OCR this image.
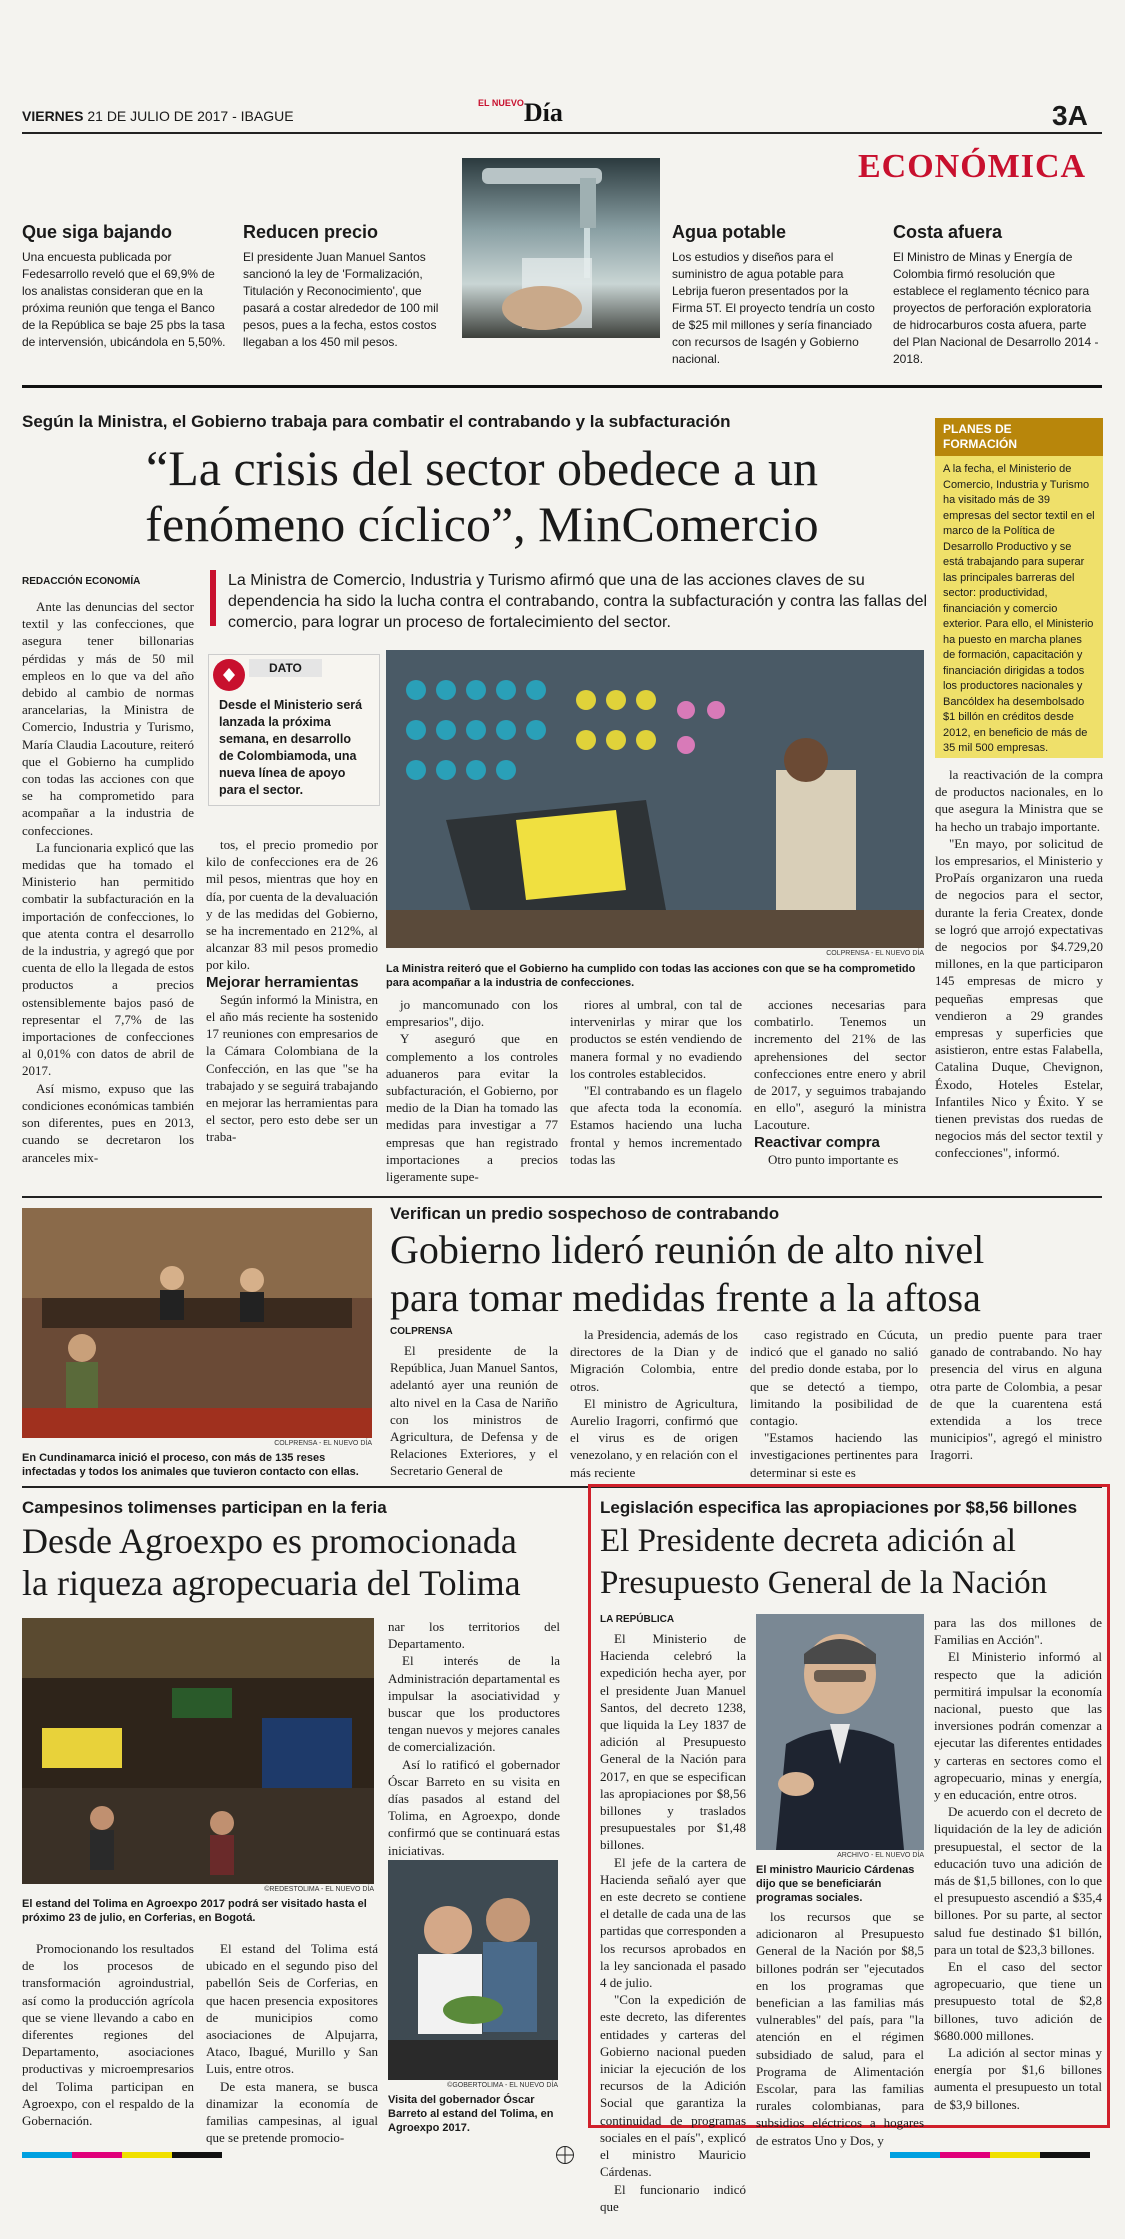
VIERNES 21 DE JULIO DE 2017 - IBAGUE
$^{EL NUEVO}$Día	3A
ECONÓMICA
Que siga bajando
Una encuesta publicada por Fedesarrollo reveló que el 69,9% de los analistas consideran que en la próxima reunión que tenga el Banco de la República se baje 25 pbs la tasa de intervensión, ubicándola en 5,50%.
Reducen precio
El presidente Juan Manuel Santos sancionó la ley de 'Formalización, Titulación y Reconocimiento', que pasará a costar alrededor de 100 mil pesos, pues a la fecha, estos costos llegaban a los 450 mil pesos.
Agua potable
Los estudios y diseños para el suministro de agua potable para Lebrija fueron presentados por la Firma 5T. El proyecto tendría un costo de $25 mil millones y sería financiado con recursos de Isagén y Gobierno nacional.
Costa afuera
El Ministro de Minas y Energía de Colombia firmó resolución que establece el reglamento técnico para proyectos de perforación exploratoria de hidrocarburos costa afuera, parte del Plan Nacional de Desarrollo 2014 - 2018.
Según la Ministra, el Gobierno trabaja para combatir el contrabando y la subfacturación
“La crisis del sector obedece a un
fenómeno cíclico”, MinComercio
REDACCIÓN ECONOMÍA	La Ministra de Comercio, Industria y Turismo afirmó que una de las acciones claves de su dependencia ha sido la lucha contra el contrabando, contra la subfacturación y contra las fallas del comercio, para lograr un proceso de fortalecimiento del sector.
DATO
Desde el Ministerio será lanzada la próxima semana, en desarrollo de Colombiamoda, una nueva línea de apoyo para el sector.
COLPRENSA - EL NUEVO DÍA
La Ministra reiteró que el Gobierno ha cumplido con todas las acciones con que se ha comprometido para acompañar a la industria de confecciones.

Ante las denuncias del sector textil y las confecciones, que asegura tener billonarias pérdidas y más de 50 mil empleos en lo que va del año debido al cambio de normas arancelarias, la Ministra de Comercio, Industria y Turismo, María Claudia Lacouture, reiteró que el Gobierno ha cumplido con todas las acciones con que se ha comprometido para acompañar a la industria de confecciones.

La funcionaria explicó que las medidas que ha tomado el Ministerio han permitido combatir la subfacturación en la importación de confecciones, lo que atenta contra el desarrollo de la industria, y agregó que por cuenta de ello la llegada de estos productos a precios ostensiblemente bajos pasó de representar el 7,7% de las importaciones de confecciones al 0,01% con datos de abril de 2017.

Así mismo, expuso que las condiciones económicas también son diferentes, pues en 2013, cuando se decretaron los aranceles mix-

tos, el precio promedio por kilo de confecciones era de 26 mil pesos, mientras que hoy en día, por cuenta de la devaluación y de las medidas del Gobierno, se ha incrementado en 212%, al alcanzar 83 mil pesos promedio por kilo.

Mejorar herramientas

Según informó la Ministra, en el año más reciente ha sostenido 17 reuniones con empresarios de la Cámara Colombiana de la Confección, en las que "se ha trabajado y se seguirá trabajando en mejorar las herramientas para el sector, pero esto debe ser un traba-

jo mancomunado con los empresarios", dijo.

Y aseguró que en complemento a los controles aduaneros para evitar la subfacturación, el Gobierno, por medio de la Dian ha tomado las medidas para investigar a 77 empresas que han registrado importaciones a precios ligeramente supe-

riores al umbral, con tal de intervenirlas y mirar que los productos se estén vendiendo de manera formal y no evadiendo los controles establecidos.

"El contrabando es un flagelo que afecta toda la economía. Estamos haciendo una lucha frontal y hemos incrementado todas las

acciones necesarias para combatirlo. Tenemos un incremento del 21% de las aprehensiones del sector confecciones entre enero y abril de 2017, y seguimos trabajando en ello", aseguró la ministra Lacouture.

Reactivar compra

Otro punto importante es

PLANES DE
FORMACIÓN
A la fecha, el Ministerio de Comercio, Industria y Turismo ha visitado más de 39 empresas del sector textil en el marco de la Política de Desarrollo Productivo y se está trabajando para superar las principales barreras del sector: productividad, financiación y comercio exterior. Para ello, el Ministerio ha puesto en marcha planes de formación, capacitación y financiación dirigidas a todos los productores nacionales y Bancóldex ha desembolsado $1 billón en créditos desde 2012, en beneficio de más de 35 mil 500 empresas.

la reactivación de la compra de productos nacionales, en lo que asegura la Ministra que se ha hecho un trabajo importante.

"En mayo, por solicitud de los empresarios, el Ministerio y ProPaís organizaron una rueda de negocios para el sector, durante la feria Createx, donde se logró que arrojó expectativas de negocios por $4.729,20 millones, en la que participaron 145 empresas de micro y pequeñas empresas que vendieron a 29 grandes empresas y superficies que asistieron, entre estas Falabella, Catalina Duque, Chevignon, Éxodo, Hoteles Estelar, Infantiles Nico y Éxito. Y se tienen previstas dos ruedas de negocios más del sector textil y confecciones", informó.

COLPRENSA - EL NUEVO DÍA
En Cundinamarca inició el proceso, con más de 135 reses infectadas y todos los animales que tuvieron contacto con ellas.
Verifican un predio sospechoso de contrabando
Gobierno lideró reunión de alto nivel
para tomar medidas frente a la aftosa
COLPRENSA

El presidente de la República, Juan Manuel Santos, adelantó ayer una reunión de alto nivel en la Casa de Nariño con los ministros de Agricultura, de Defensa y de Relaciones Exteriores, y el Secretario General de

la Presidencia, además de los directores de la Dian y de Migración Colombia, entre otros.

El ministro de Agricultura, Aurelio Iragorri, confirmó que el virus es de origen venezolano, y en relación con el más reciente

caso registrado en Cúcuta, indicó que el ganado no salió del predio donde estaba, por lo que se detectó a tiempo, limitando la posibilidad de contagio.

"Estamos haciendo las investigaciones pertinentes para determinar si este es

un predio puente para traer ganado de contrabando. No hay presencia del virus en alguna otra parte de Colombia, a pesar de que la cuarentena está extendida a los trece municipios", agregó el ministro Iragorri.

Campesinos tolimenses participan en la feria
Desde Agroexpo es promocionada
la riqueza agropecuaria del Tolima
©REDESTOLIMA - EL NUEVO DÍA
El estand del Tolima en Agroexpo 2017 podrá ser visitado hasta el próximo 23 de julio, en Corferias, en Bogotá.

Promocionando los resultados de los procesos de transformación agroindustrial, así como la producción agrícola que se viene llevando a cabo en diferentes regiones del Departamento, asociaciones productivas y microempresarios del Tolima participan en Agroexpo, con el respaldo de la Gobernación.

El estand del Tolima está ubicado en el segundo piso del pabellón Seis de Corferias, en que hacen presencia expositores de municipios como asociaciones de Alpujarra, Ataco, Ibagué, Murillo y San Luis, entre otros.

De esta manera, se busca dinamizar la economía de familias campesinas, al igual que se pretende promocio-

nar los territorios del Departamento.

El interés de la Administración departamental es impulsar la asociatividad y buscar que los productores tengan nuevos y mejores canales de comercialización.

Así lo ratificó el gobernador Óscar Barreto en su visita en días pasados al estand del Tolima, en Agroexpo, donde confirmó que se continuará estas iniciativas.

©GOBERTOLIMA - EL NUEVO DÍA
Visita del gobernador Óscar Barreto al estand del Tolima, en Agroexpo 2017.
Legislación especifica las apropiaciones por $8,56 billones
El Presidente decreta adición al
Presupuesto General de la Nación
LA REPÚBLICA

El Ministerio de Hacienda celebró la expedición hecha ayer, por el presidente Juan Manuel Santos, del decreto 1238, que liquida la Ley 1837 de adición al Presupuesto General de la Nación para 2017, en que se especifican las apropiaciones por $8,56 billones y traslados presupuestales por $1,48 billones.

El jefe de la cartera de Hacienda señaló ayer que en este decreto se contiene el detalle de cada una de las partidas que corresponden a los recursos aprobados en la ley sancionada el pasado 4 de julio.

"Con la expedición de este decreto, las diferentes entidades y carteras del Gobierno nacional pueden iniciar la ejecución de los recursos de la Adición Social que garantiza la continuidad de programas sociales en el país", explicó el ministro Mauricio Cárdenas.

El funcionario indicó que

ARCHIVO - EL NUEVO DÍA
El ministro Mauricio Cárdenas dijo que se beneficiarán programas sociales.

los recursos que se adicionaron al Presupuesto General de la Nación por $8,5 billones podrán ser "ejecutados en los programas que benefician a las familias más vulnerables" del país, para "la atención en el régimen subsidiado de salud, para el Programa de Alimentación Escolar, para las familias rurales colombianas, para subsidios eléctricos a hogares de estratos Uno y Dos, y

para las dos millones de Familias en Acción".

El Ministerio informó al respecto que la adición permitirá impulsar la economía nacional, puesto que las inversiones podrán comenzar a ejecutar las diferentes entidades y carteras en sectores como el agropecuario, minas y energía, y en educación, entre otros.

De acuerdo con el decreto de liquidación de la ley de adición presupuestal, el sector de la educación tuvo una adición de más de $1,5 billones, con lo que el presupuesto ascendió a $35,4 billones. Por su parte, al sector salud fue destinado $1 billón, para un total de $23,3 billones.

En el caso del sector agropecuario, que tiene un presupuesto total de $2,8 billones, tuvo adición de $680.000 millones.

La adición al sector minas y energía por $1,6 billones aumenta el presupuesto un total de $3,9 billones.
